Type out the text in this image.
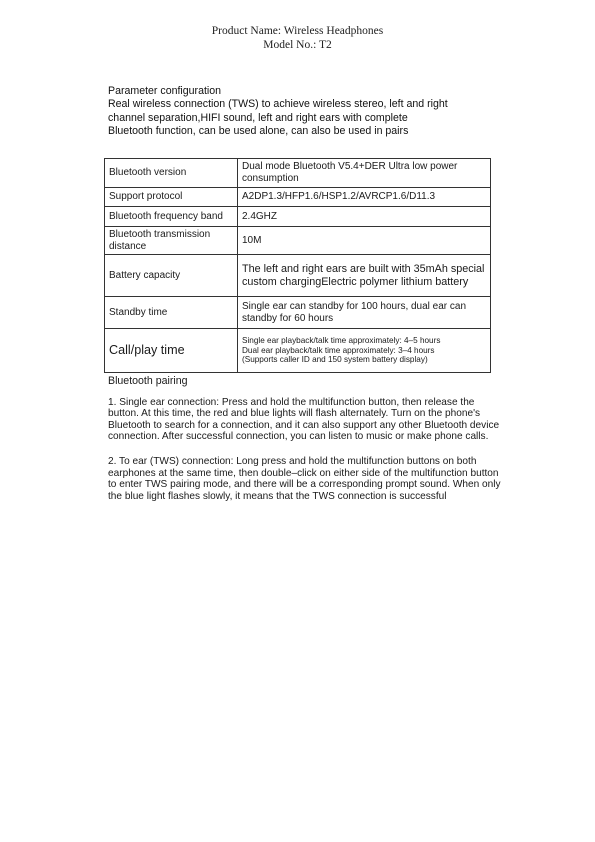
Product Name: Wireless Headphones
Model No.: T2
Parameter configuration
Real wireless connection (TWS) to achieve wireless stereo, left and right
channel separation,HIFI sound, left and right ears with complete
Bluetooth function, can be used alone, can also be used in pairs
Bluetooth version	Dual mode Bluetooth V5.4+DER Ultra low power consumption
Support protocol	A2DP1.3/HFP1.6/HSP1.2/AVRCP1.6/D11.3
Bluetooth frequency band	2.4GHZ
Bluetooth transmission distance	10M
Battery capacity	The left and right ears are built with 35mAh special custom chargingElectric polymer lithium battery
Standby time	Single ear can standby for 100 hours, dual ear can standby for 60 hours
Call/play time	Single ear playback/talk time approximately: 4–5 hours
Dual ear playback/talk time approximately: 3–4 hours
(Supports caller ID and 150 system battery display)
Bluetooth pairing

1. Single ear connection: Press and hold the multifunction button, then release the button. At this time, the red and blue lights will flash alternately. Turn on the phone's Bluetooth to search for a connection, and it can also support any other Bluetooth device connection. After successful connection, you can listen to music or make phone calls.

2. To ear (TWS) connection: Long press and hold the multifunction buttons on both earphones at the same time, then double–click on either side of the multifunction button to enter TWS pairing mode, and there will be a corresponding prompt sound. When only the blue light flashes slowly, it means that the TWS connection is successful
